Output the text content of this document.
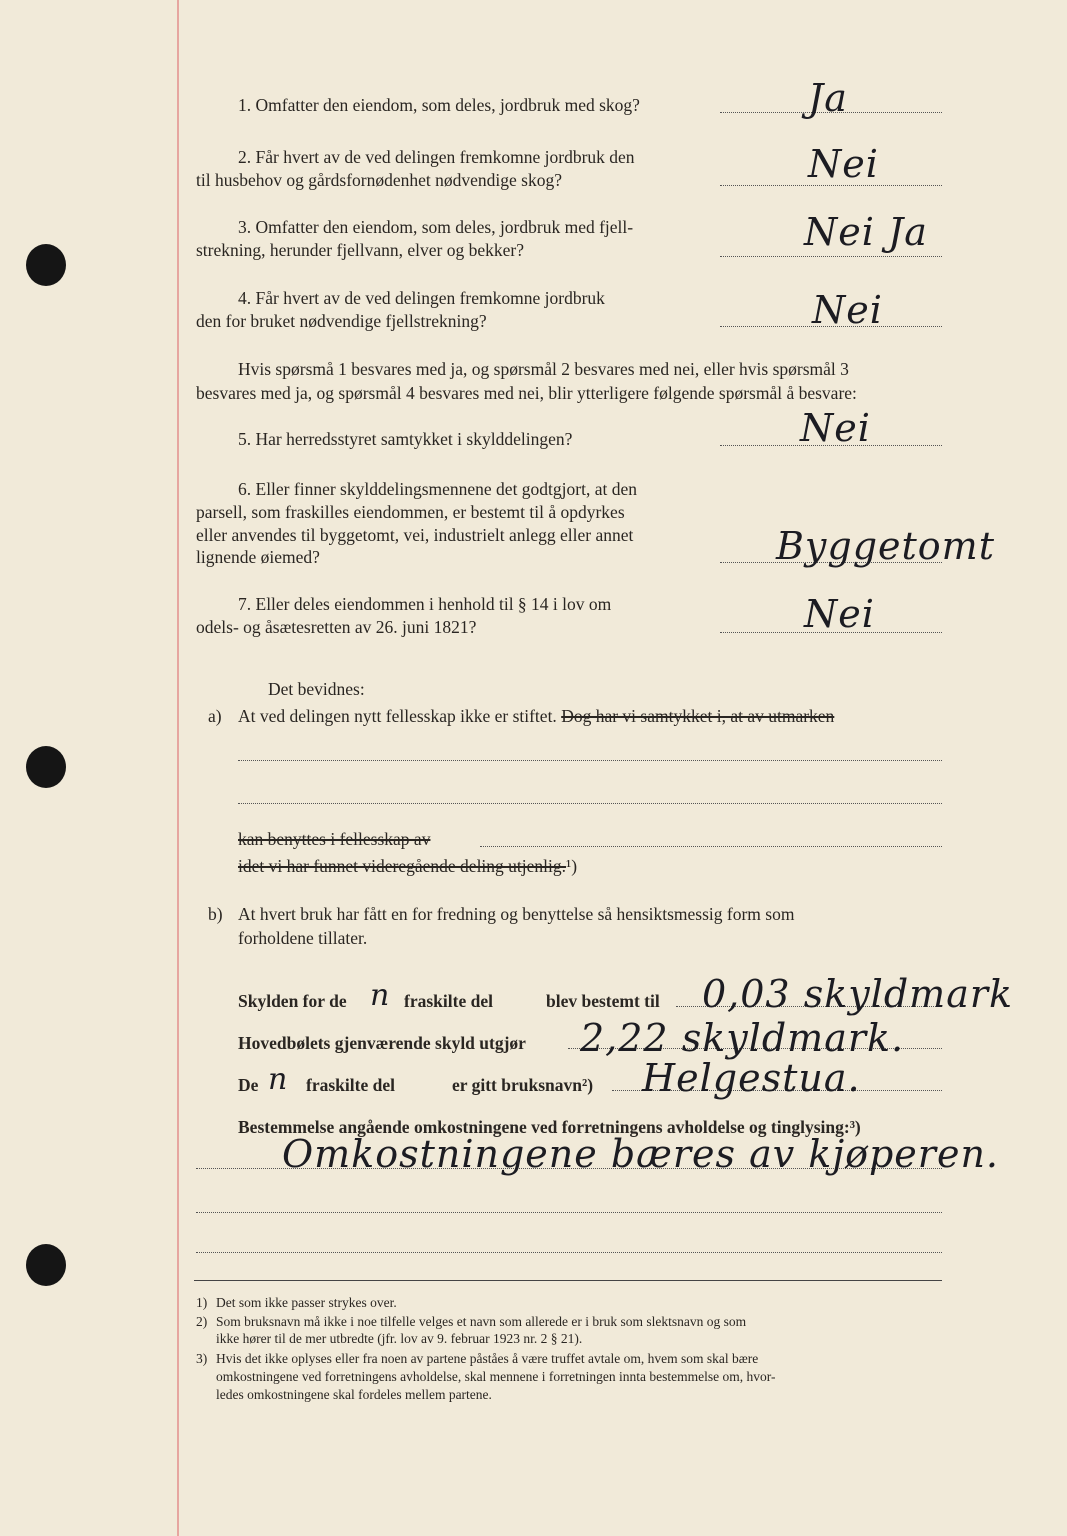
1. Omfatter den eiendom, som deles, jordbruk med skog?	Ja
2. Får hvert av de ved delingen fremkomne jordbruk den
til husbehov og gårdsfornødenhet nødvendige skog?	Nei
3. Omfatter den eiendom, som deles, jordbruk med fjell-
strekning, herunder fjellvann, elver og bekker?	Nei Ja
4. Får hvert av de ved delingen fremkomne jordbruk
den for bruket nødvendige fjellstrekning?	Nei
Hvis spørsmå 1 besvares med ja, og spørsmål 2 besvares med nei, eller hvis spørsmål 3
besvares med ja, og spørsmål 4 besvares med nei, blir ytterligere følgende spørsmål å besvare:
5. Har herredsstyret samtykket i skylddelingen?	Nei
6. Eller finner skylddelingsmennene det godtgjort, at den
parsell, som fraskilles eiendommen, er bestemt til å opdyrkes
eller anvendes til byggetomt, vei, industrielt anlegg eller annet
lignende øiemed?	Byggetomt
7. Eller deles eiendommen i henhold til § 14 i lov om
odels- og åsætesretten av 26. juni 1821?	Nei
Det bevidnes:
a) At ved delingen nytt fellesskap ikke er stiftet. Dog har vi samtykket i, at av utmarken
kan benyttes i fellesskap av
idet vi har funnet videregående deling utjenlig.¹)
b) At hvert bruk har fått en for fredning og benyttelse så hensiktsmessig form som
forholdene tillater.
Skylden for de n fraskilte del	blev bestemt til 0,03 skyldmark
Hovedbølets gjenværende skyld utgjør 2,22 skyldmark.
De n fraskilte del	er gitt bruksnavn²) Helgestua.
Bestemmelse angående omkostningene ved forretningens avholdelse og tinglysing:³)
Omkostningene bæres av kjøperen.
1) Det som ikke passer strykes over.
2) Som bruksnavn må ikke i noe tilfelle velges et navn som allerede er i bruk som slektsnavn og som
ikke hører til de mer utbredte (jfr. lov av 9. februar 1923 nr. 2 § 21).
3) Hvis det ikke oplyses eller fra noen av partene påståes å være truffet avtale om, hvem som skal bære
omkostningene ved forretningens avholdelse, skal mennene i forretningen innta bestemmelse om, hvor-
ledes omkostningene skal fordeles mellem partene.
